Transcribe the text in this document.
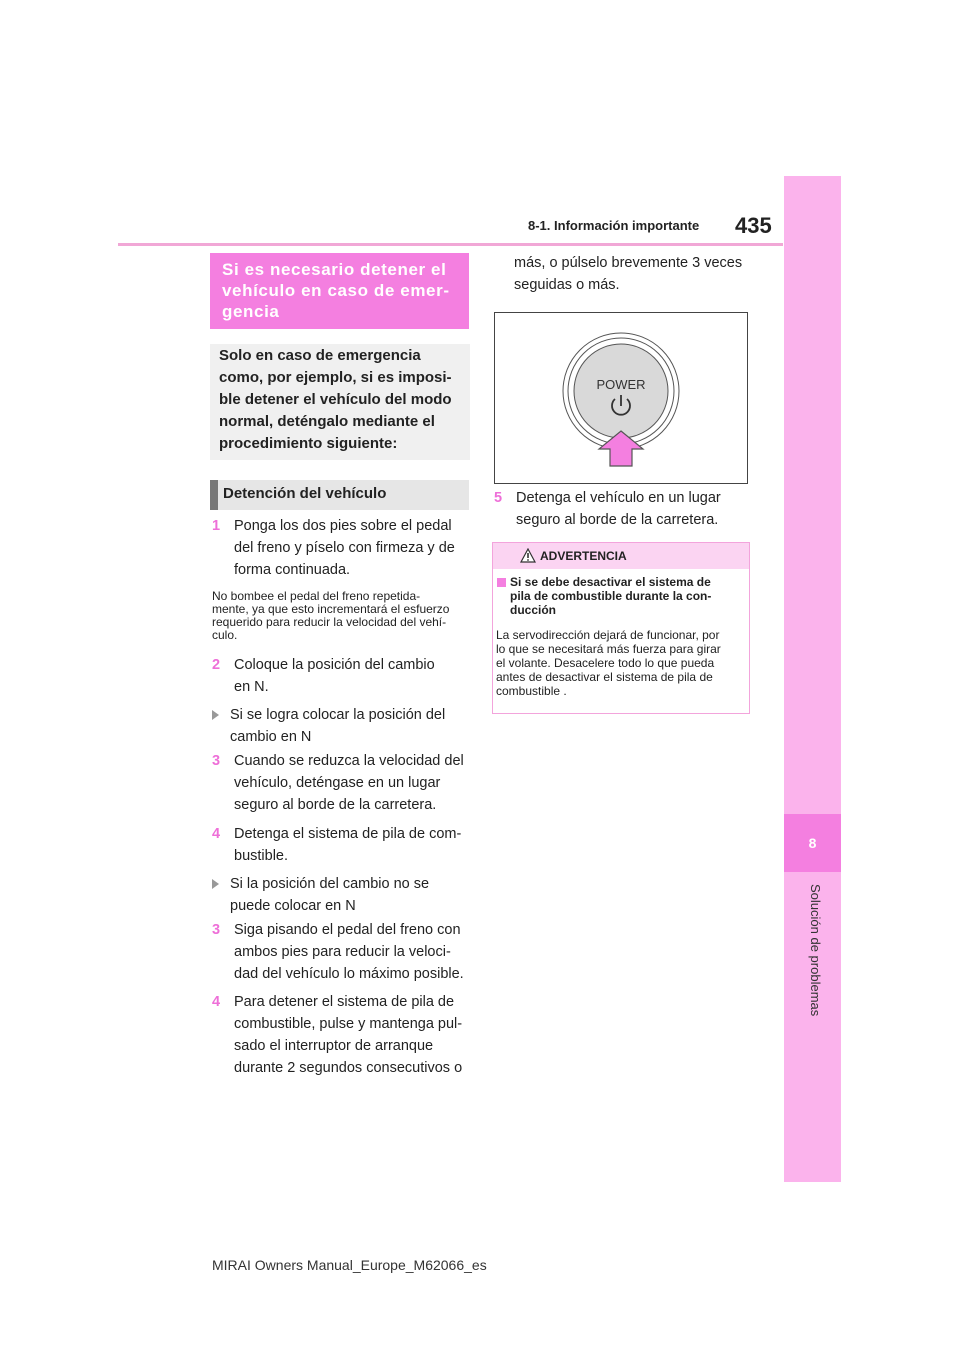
8-1. Información importante 435
8
Solución de problemas
Si es necesario detener el vehículo en caso de emer-gencia
Solo en caso de emergencia
como, por ejemplo, si es imposi-
ble detener el vehículo del modo
normal, deténgalo mediante el
procedimiento siguiente:
Detención del vehículo
1 Ponga los dos pies sobre el pedal
del freno y píselo con firmeza y de
forma continuada.
No bombee el pedal del freno repetida-
mente, ya que esto incrementará el esfuerzo
requerido para reducir la velocidad del vehí-
culo.
2 Coloque la posición del cambio
en N.
Si se logra colocar la posición del
cambio en N
3 Cuando se reduzca la velocidad del
vehículo, deténgase en un lugar
seguro al borde de la carretera.
4 Detenga el sistema de pila de com-
bustible.
Si la posición del cambio no se
puede colocar en N
3 Siga pisando el pedal del freno con
ambos pies para reducir la veloci-
dad del vehículo lo máximo posible.
4 Para detener el sistema de pila de
combustible, pulse y mantenga pul-
sado el interruptor de arranque
durante 2 segundos consecutivos o
más, o púlselo brevemente 3 veces
seguidas o más.
POWER
5 Detenga el vehículo en un lugar
seguro al borde de la carretera.
ADVERTENCIA
Si se debe desactivar el sistema de
pila de combustible durante la con-
ducción
La servodirección dejará de funcionar, por
lo que se necesitará más fuerza para girar
el volante. Desacelere todo lo que pueda
antes de desactivar el sistema de pila de
combustible .
MIRAI Owners Manual_Europe_M62066_es
